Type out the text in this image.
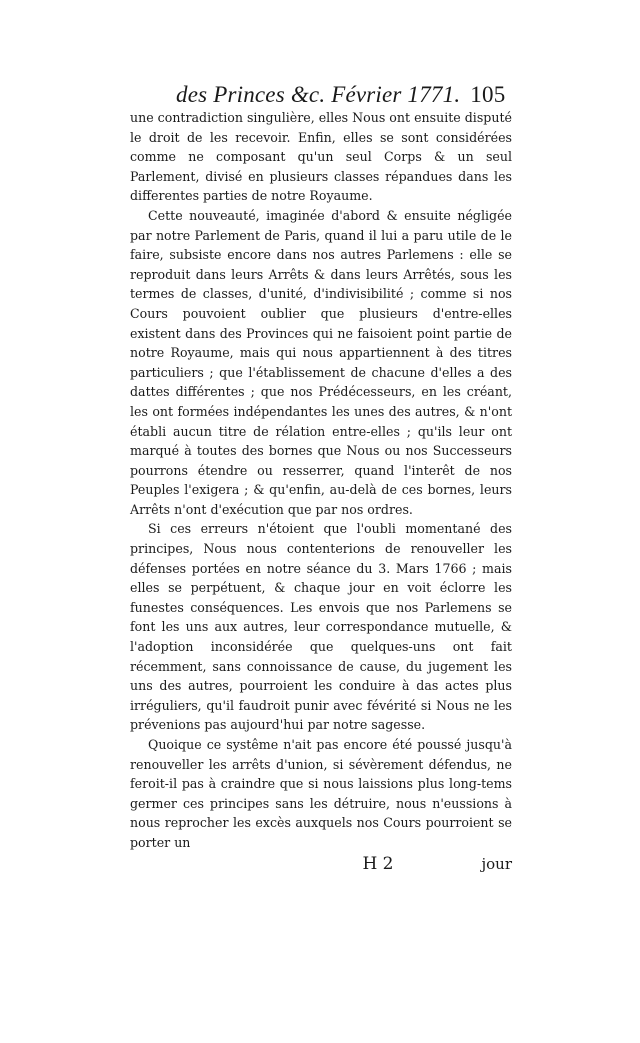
des Princes &c. Février 1771. 105

une contradiction singulière, elles Nous ont ensuite disputé le droit de les recevoir. Enfin, elles se sont considérées comme ne composant qu'un seul Corps & un seul Parlement, divisé en plusieurs classes répandues dans les differentes parties de notre Royaume.

Cette nouveauté, imaginée d'abord & ensuite négligée par notre Parlement de Paris, quand il lui a paru utile de le faire, subsiste encore dans nos autres Parlemens : elle se reproduit dans leurs Arrêts & dans leurs Arrêtés, sous les termes de classes, d'unité, d'indivisibilité ; comme si nos Cours pouvoient oublier que plusieurs d'entre-elles existent dans des Provinces qui ne faisoient point partie de notre Royaume, mais qui nous appartiennent à des titres particuliers ; que l'établissement de chacune d'elles a des dattes différentes ; que nos Prédécesseurs, en les créant, les ont formées indépendantes les unes des autres, & n'ont établi aucun titre de rélation entre-elles ; qu'ils leur ont marqué à toutes des bornes que Nous ou nos Successeurs pourrons étendre ou resserrer, quand l'interêt de nos Peuples l'exigera ; & qu'enfin, au-delà de ces bornes, leurs Arrêts n'ont d'exécution que par nos ordres.

Si ces erreurs n'étoient que l'oubli momentané des principes, Nous nous contenterions de renouveller les défenses portées en notre séance du 3. Mars 1766 ; mais elles se perpétuent, & chaque jour en voit éclorre les funestes conséquences. Les envois que nos Parlemens se font les uns aux autres, leur correspondance mutuelle, & l'adoption inconsidérée que quelques-uns ont fait récemment, sans connoissance de cause, du jugement les uns des autres, pourroient les conduire à das actes plus irréguliers, qu'il faudroit punir avec févérité si Nous ne les prévenions pas aujourd'hui par notre sagesse.

Quoique ce systême n'ait pas encore été poussé jusqu'à renouveller les arrêts d'union, si sévèrement défendus, ne feroit-il pas à craindre que si nous laissions plus long-tems germer ces principes sans les détruire, nous n'eussions à nous reprocher les excès auxquels nos Cours pourroient se porter un

H 2	jour
